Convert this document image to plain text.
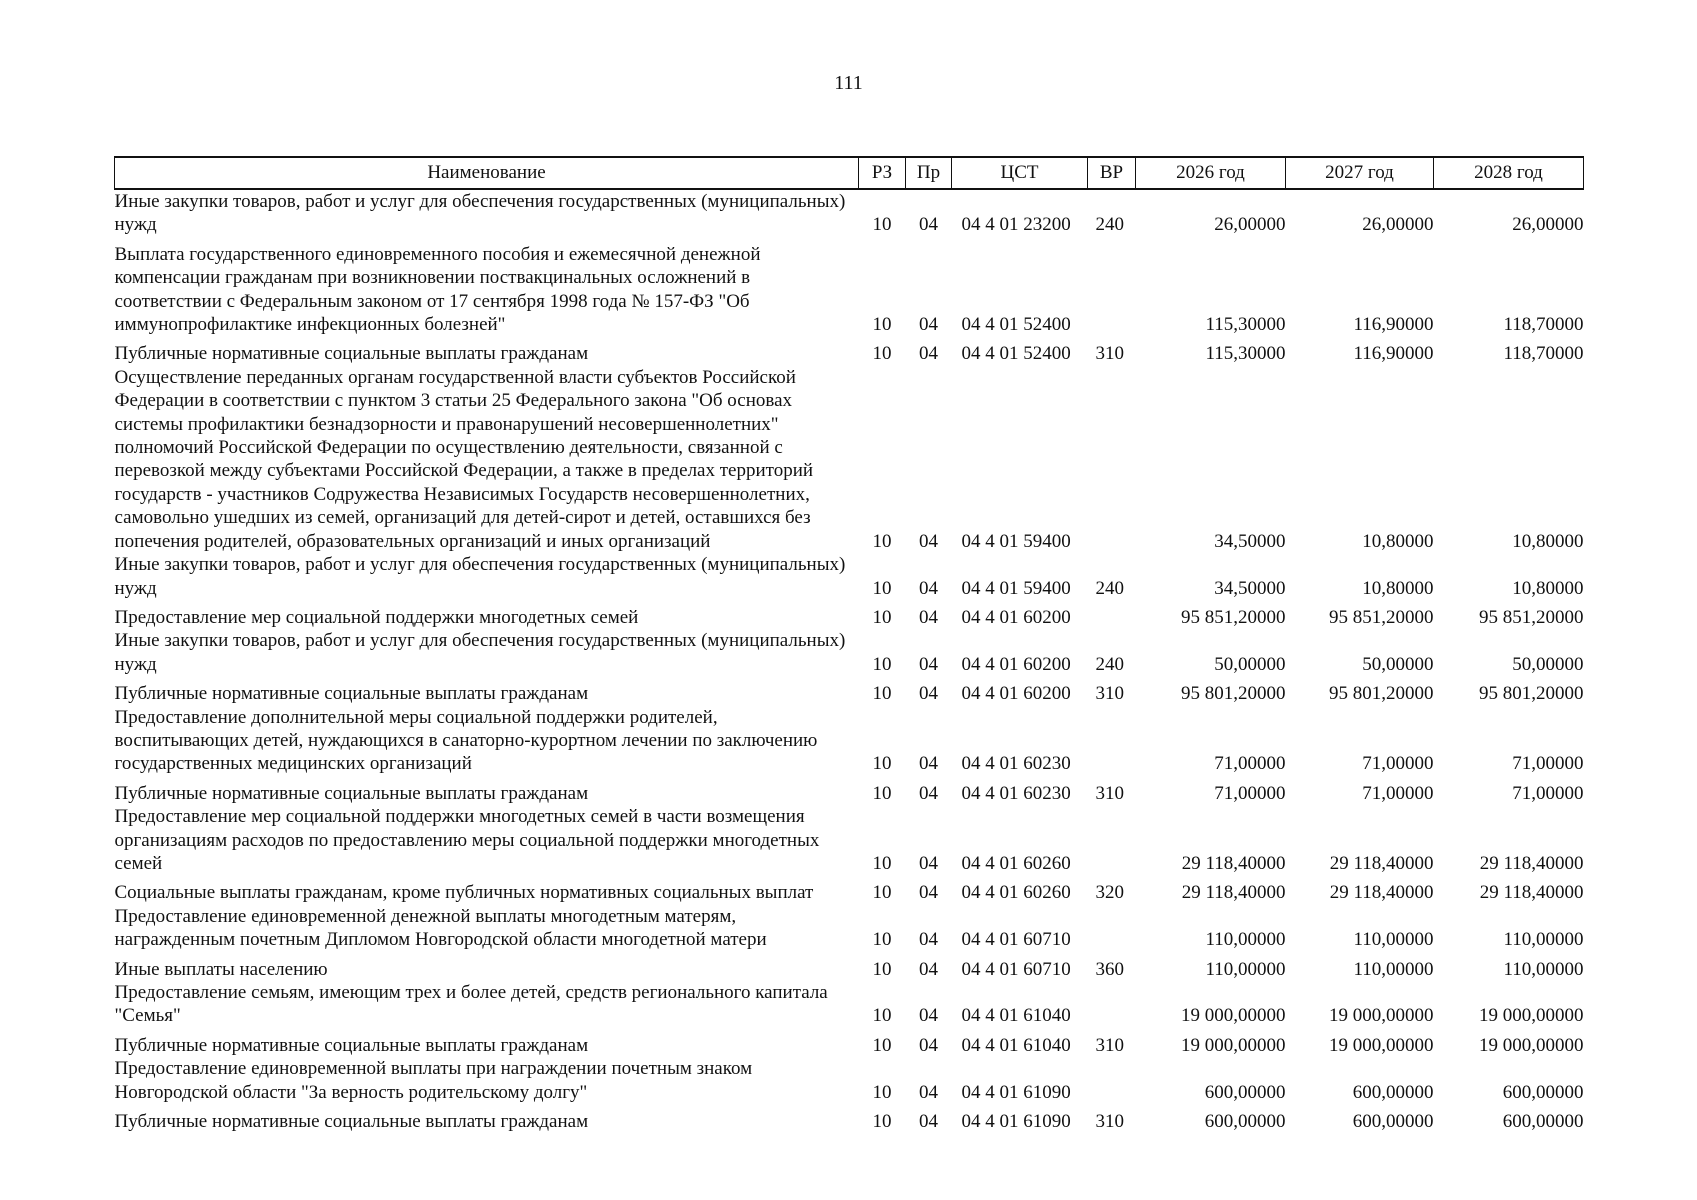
111
Наименование	РЗ	Пр	ЦСТ	ВР	2026 год	2027 год	2028 год
Иные закупки товаров, работ и услуг для обеспечения государственных (муниципальных) нужд	10	04	04 4 01 23200	240	26,00000	26,00000	26,00000
Выплата государственного единовременного пособия и ежемесячной денежной компенсации гражданам при возникновении поствакцинальных осложнений в соответствии с Федеральным законом от 17 сентября 1998 года № 157-ФЗ "Об иммунопрофилактике инфекционных болезней"	10	04	04 4 01 52400		115,30000	116,90000	118,70000
Публичные нормативные социальные выплаты гражданам	10	04	04 4 01 52400	310	115,30000	116,90000	118,70000
Осуществление переданных органам государственной власти субъектов Российской Федерации в соответствии с пунктом 3 статьи 25 Федерального закона "Об основах системы профилактики безнадзорности и правонарушений несовершеннолетних" полномочий Российской Федерации по осуществлению деятельности, связанной с перевозкой между субъектами Российской Федерации, а также в пределах территорий государств - участников Содружества Независимых Государств несовершеннолетних, самовольно ушедших из семей, организаций для детей-сирот и детей, оставшихся без попечения родителей, образовательных организаций и иных организаций	10	04	04 4 01 59400		34,50000	10,80000	10,80000
Иные закупки товаров, работ и услуг для обеспечения государственных (муниципальных) нужд	10	04	04 4 01 59400	240	34,50000	10,80000	10,80000
Предоставление мер социальной поддержки многодетных семей	10	04	04 4 01 60200		95 851,20000	95 851,20000	95 851,20000
Иные закупки товаров, работ и услуг для обеспечения государственных (муниципальных) нужд	10	04	04 4 01 60200	240	50,00000	50,00000	50,00000
Публичные нормативные социальные выплаты гражданам	10	04	04 4 01 60200	310	95 801,20000	95 801,20000	95 801,20000
Предоставление дополнительной меры социальной поддержки родителей, воспитывающих детей, нуждающихся в санаторно-курортном лечении по заключению государственных медицинских организаций	10	04	04 4 01 60230		71,00000	71,00000	71,00000
Публичные нормативные социальные выплаты гражданам	10	04	04 4 01 60230	310	71,00000	71,00000	71,00000
Предоставление мер социальной поддержки многодетных семей в части возмещения организациям расходов по предоставлению меры социальной поддержки многодетных семей	10	04	04 4 01 60260		29 118,40000	29 118,40000	29 118,40000
Социальные выплаты гражданам, кроме публичных нормативных социальных выплат	10	04	04 4 01 60260	320	29 118,40000	29 118,40000	29 118,40000
Предоставление единовременной денежной выплаты многодетным матерям, награжденным почетным Дипломом Новгородской области многодетной матери	10	04	04 4 01 60710		110,00000	110,00000	110,00000
Иные выплаты населению	10	04	04 4 01 60710	360	110,00000	110,00000	110,00000
Предоставление семьям, имеющим трех и более детей, средств регионального капитала "Семья"	10	04	04 4 01 61040		19 000,00000	19 000,00000	19 000,00000
Публичные нормативные социальные выплаты гражданам	10	04	04 4 01 61040	310	19 000,00000	19 000,00000	19 000,00000
Предоставление единовременной выплаты при награждении почетным знаком Новгородской области "За верность родительскому долгу"	10	04	04 4 01 61090		600,00000	600,00000	600,00000
Публичные нормативные социальные выплаты гражданам	10	04	04 4 01 61090	310	600,00000	600,00000	600,00000
